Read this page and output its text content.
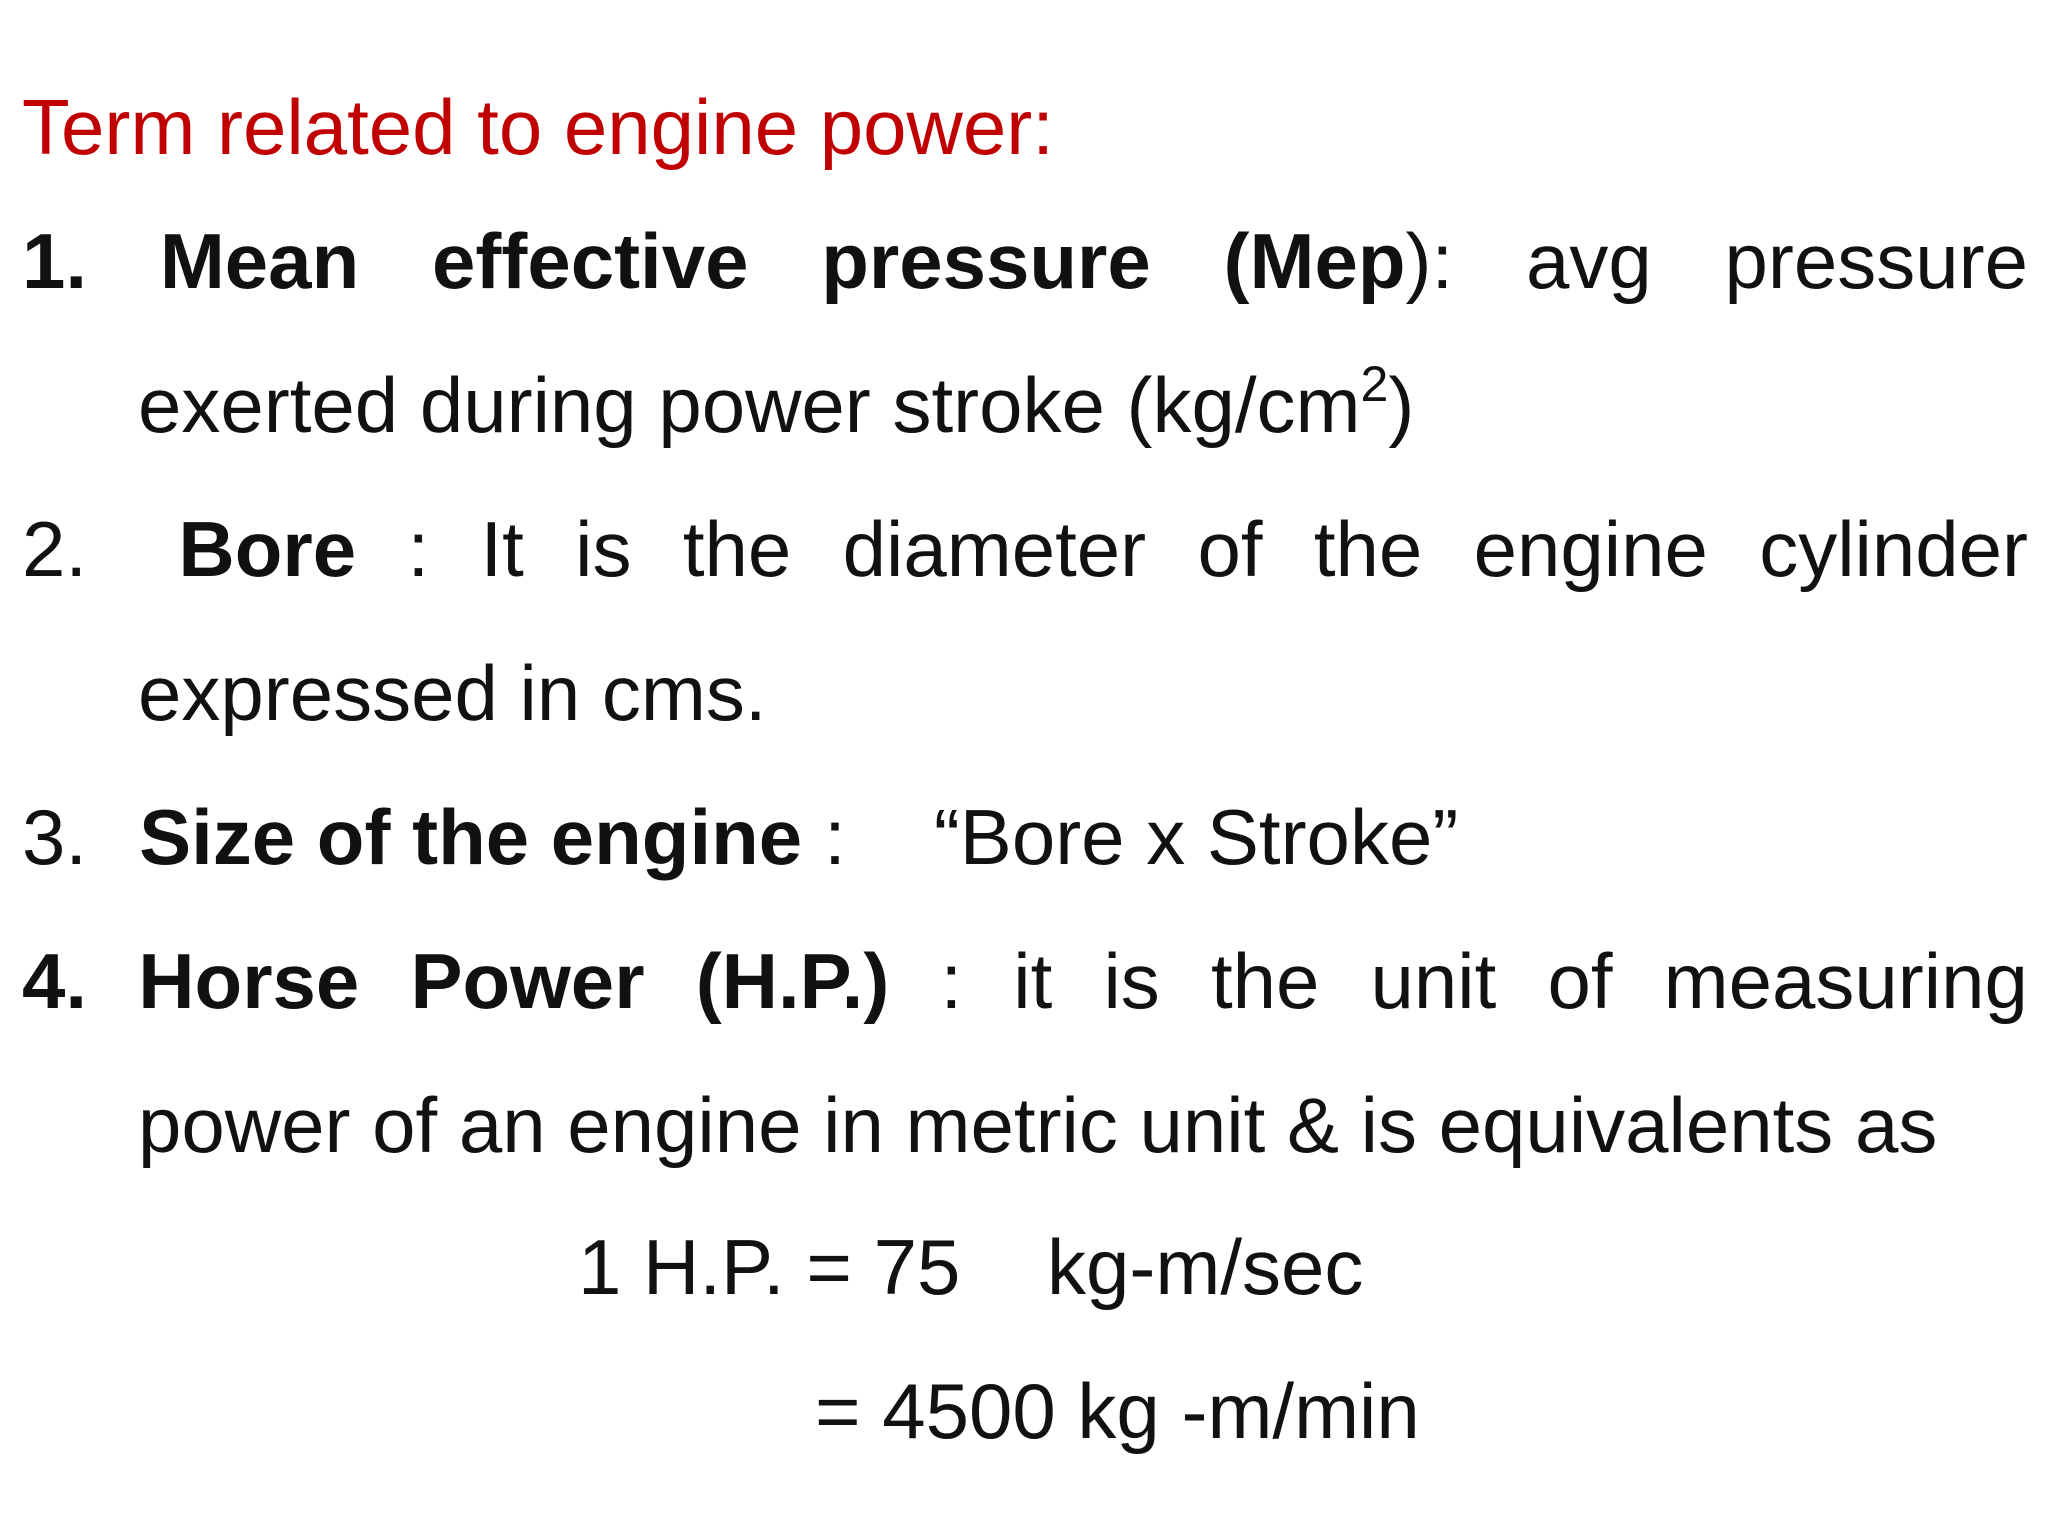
Term related to engine power:
1. Mean effective pressure (Mep): avg pressure
exerted during power stroke $(kg/cm^2)$
2. Bore : It is the diameter of the engine cylinder
expressed in cms.
3. Size of the engine : “Bore x Stroke”
4. Horse Power (H.P.) : it is the unit of measuring
power of an engine in metric unit & is equivalents as
1 H.P. = 75    kg-m/sec
= 4500 kg -m/min
